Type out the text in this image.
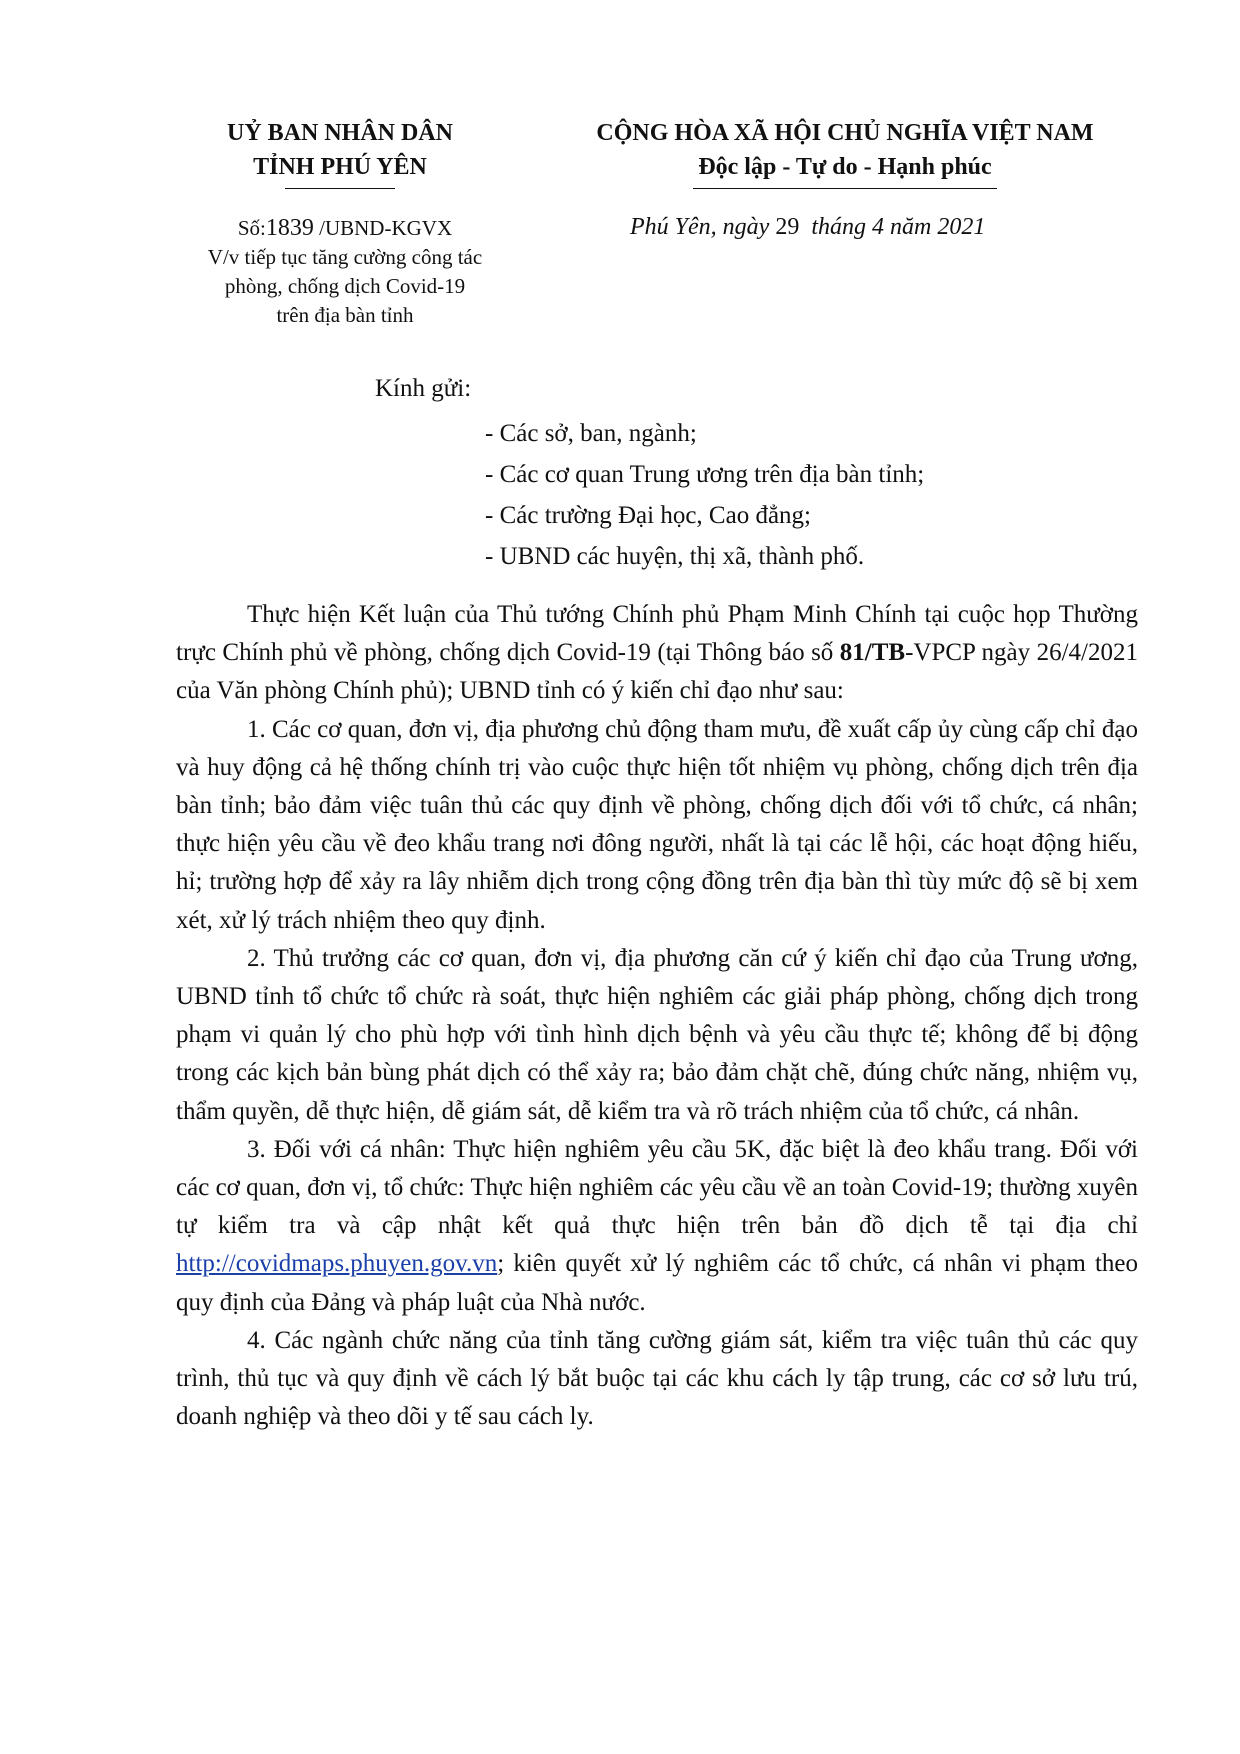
UỶ BAN NHÂN DÂN
TỈNH PHÚ YÊN
CỘNG HÒA XÃ HỘI CHỦ NGHĨA VIỆT NAM
Độc lập - Tự do - Hạnh phúc
Số:1839 /UBND-KGVX
V/v tiếp tục tăng cường công tác
phòng, chống dịch Covid-19
trên địa bàn tỉnh
Phú Yên, ngày 29  tháng 4 năm 2021
Kính gửi:
- Các sở, ban, ngành;
- Các cơ quan Trung ương trên địa bàn tỉnh;
- Các trường Đại học, Cao đẳng;
- UBND các huyện, thị xã, thành phố.

Thực hiện Kết luận của Thủ tướng Chính phủ Phạm Minh Chính tại cuộc họp Thường trực Chính phủ về phòng, chống dịch Covid-19 (tại Thông báo số 81/TB-VPCP ngày 26/4/2021 của Văn phòng Chính phủ); UBND tỉnh có ý kiến chỉ đạo như sau:

1. Các cơ quan, đơn vị, địa phương chủ động tham mưu, đề xuất cấp ủy cùng cấp chỉ đạo và huy động cả hệ thống chính trị vào cuộc thực hiện tốt nhiệm vụ phòng, chống dịch trên địa bàn tỉnh; bảo đảm việc tuân thủ các quy định về phòng, chống dịch đối với tổ chức, cá nhân; thực hiện yêu cầu về đeo khẩu trang nơi đông người, nhất là tại các lễ hội, các hoạt động hiếu, hỉ; trường hợp để xảy ra lây nhiễm dịch trong cộng đồng trên địa bàn thì tùy mức độ sẽ bị xem xét, xử lý trách nhiệm theo quy định.

2. Thủ trưởng các cơ quan, đơn vị, địa phương căn cứ ý kiến chỉ đạo của Trung ương, UBND tỉnh tổ chức tổ chức rà soát, thực hiện nghiêm các giải pháp phòng, chống dịch trong phạm vi quản lý cho phù hợp với tình hình dịch bệnh và yêu cầu thực tế; không để bị động trong các kịch bản bùng phát dịch có thể xảy ra; bảo đảm chặt chẽ, đúng chức năng, nhiệm vụ, thẩm quyền, dễ thực hiện, dễ giám sát, dễ kiểm tra và rõ trách nhiệm của tổ chức, cá nhân.

3. Đối với cá nhân: Thực hiện nghiêm yêu cầu 5K, đặc biệt là đeo khẩu trang. Đối với các cơ quan, đơn vị, tổ chức: Thực hiện nghiêm các yêu cầu về an toàn Covid-19; thường xuyên tự kiểm tra và cập nhật kết quả thực hiện trên bản đồ dịch tễ tại địa chỉ http://covidmaps.phuyen.gov.vn; kiên quyết xử lý nghiêm các tổ chức, cá nhân vi phạm theo quy định của Đảng và pháp luật của Nhà nước.

4. Các ngành chức năng của tỉnh tăng cường giám sát, kiểm tra việc tuân thủ các quy trình, thủ tục và quy định về cách lý bắt buộc tại các khu cách ly tập trung, các cơ sở lưu trú, doanh nghiệp và theo dõi y tế sau cách ly.
